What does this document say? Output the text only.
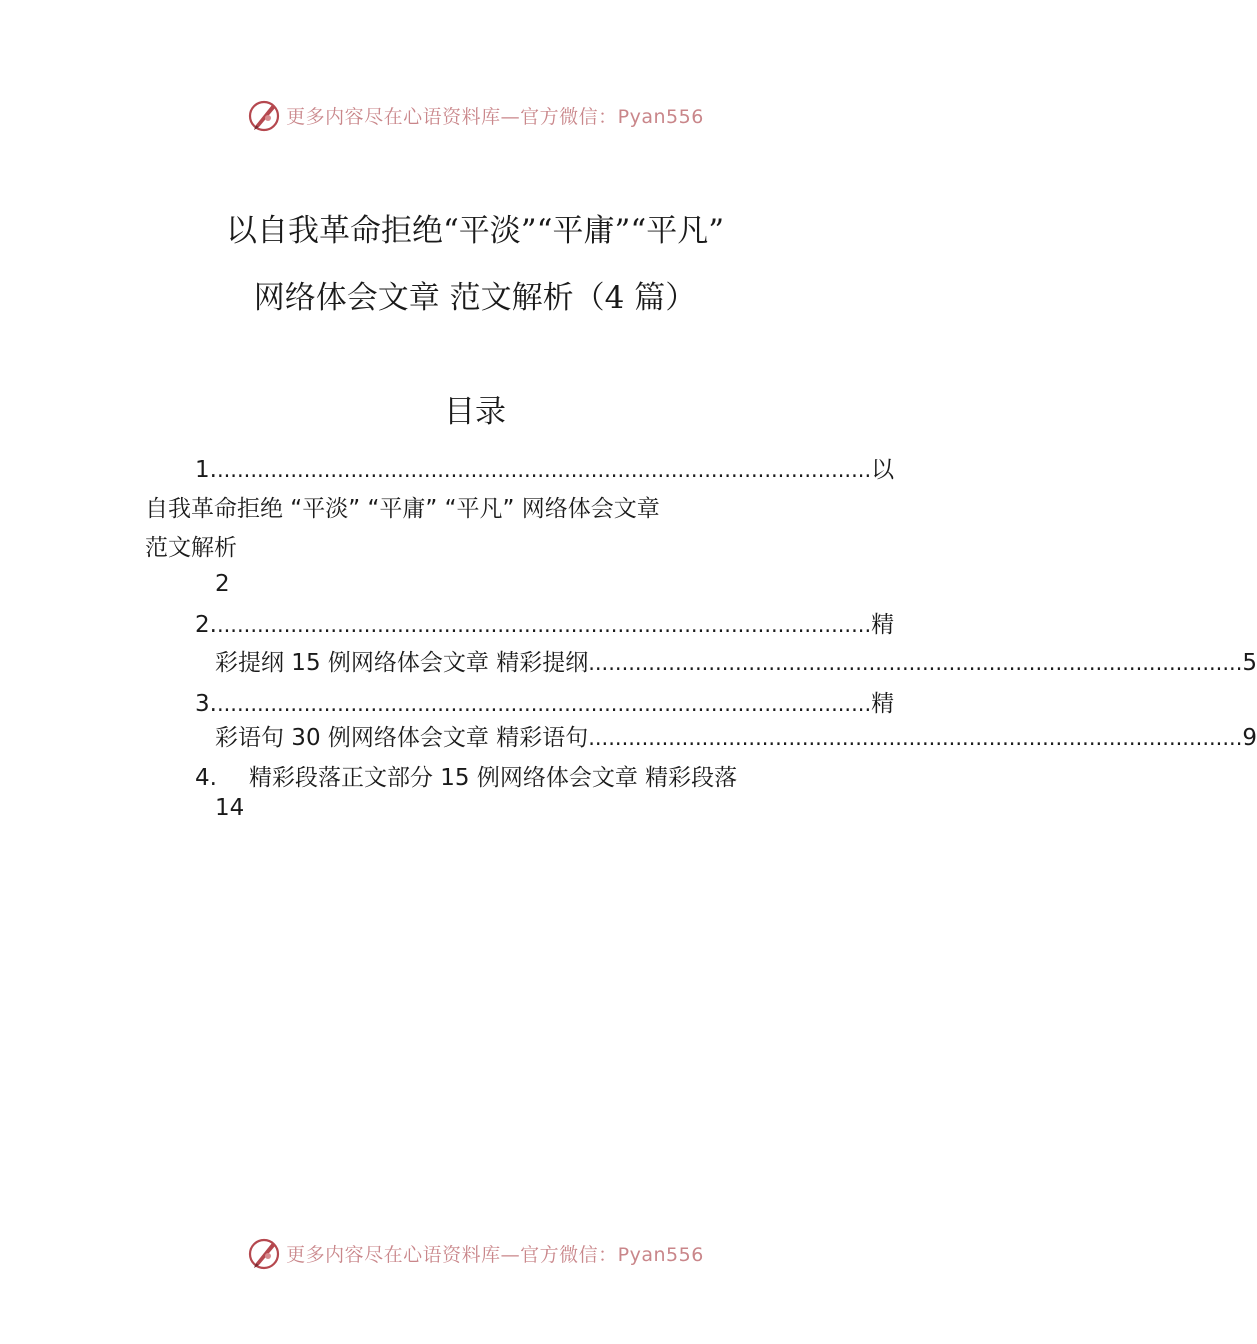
更多内容尽在心语资料库—官方微信：Pyan556
以自我革命拒绝“平淡”“平庸”“平凡”
网络体会文章 范文解析（4 篇）
目录
1. .................................................................................................. 以
自我革命拒绝 “平淡” “平庸” “平凡” 网络体会文章
范文解析
2
2. .................................................................................................. 精
彩提纲 15 例网络体会文章 精彩提纲 .................................................................................................. 5
3. .................................................................................................. 精
彩语句 30 例网络体会文章 精彩语句 .................................................................................................. 9
4. 精彩段落正文部分 15 例网络体会文章 精彩段落
14
更多内容尽在心语资料库—官方微信：Pyan556
